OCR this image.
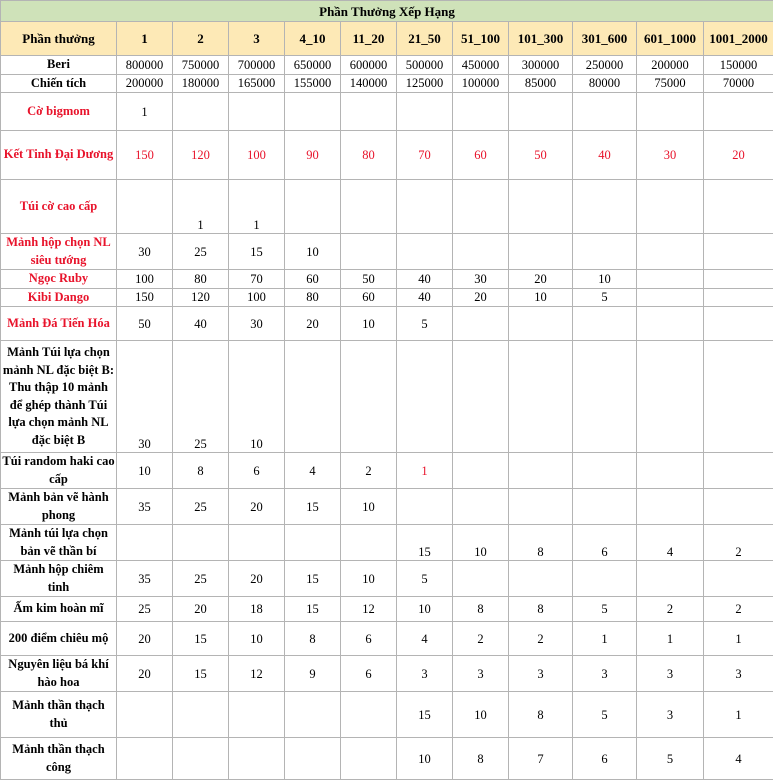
Phần Thưởng Xếp Hạng											
Phần thưởng	1	2	3	4_10	11_20	21_50	51_100	101_300	301_600	601_1000	1001_2000
Beri	800000	750000	700000	650000	600000	500000	450000	300000	250000	200000	150000
Chiến tích	200000	180000	165000	155000	140000	125000	100000	85000	80000	75000	70000
Cờ bigmom	1										
Kết Tinh Đại Dương	150	120	100	90	80	70	60	50	40	30	20
Túi cờ cao cấp		1	1								
Mảnh hộp chọn NL siêu tướng	30	25	15	10							
Ngọc Ruby	100	80	70	60	50	40	30	20	10		
Kibi Dango	150	120	100	80	60	40	20	10	5		
Mảnh Đá Tiến Hóa	50	40	30	20	10	5					
Mảnh Túi lựa chọn mảnh NL đặc biệt B: Thu thập 10 mảnh để ghép thành Túi lựa chọn mảnh NL đặc biệt B	30	25	10								
Túi random haki cao cấp	10	8	6	4	2	1					
Mảnh bản vẽ hành phong	35	25	20	15	10						
Mảnh túi lựa chọn bản vẽ thần bí						15	10	8	6	4	2
Mảnh hộp chiêm tinh	35	25	20	15	10	5					
Ấm kim hoàn mĩ	25	20	18	15	12	10	8	8	5	2	2
200 điểm chiêu mộ	20	15	10	8	6	4	2	2	1	1	1
Nguyên liệu bá khí hào hoa	20	15	12	9	6	3	3	3	3	3	3
Mảnh thần thạch thủ						15	10	8	5	3	1
Mảnh thần thạch công						10	8	7	6	5	4
